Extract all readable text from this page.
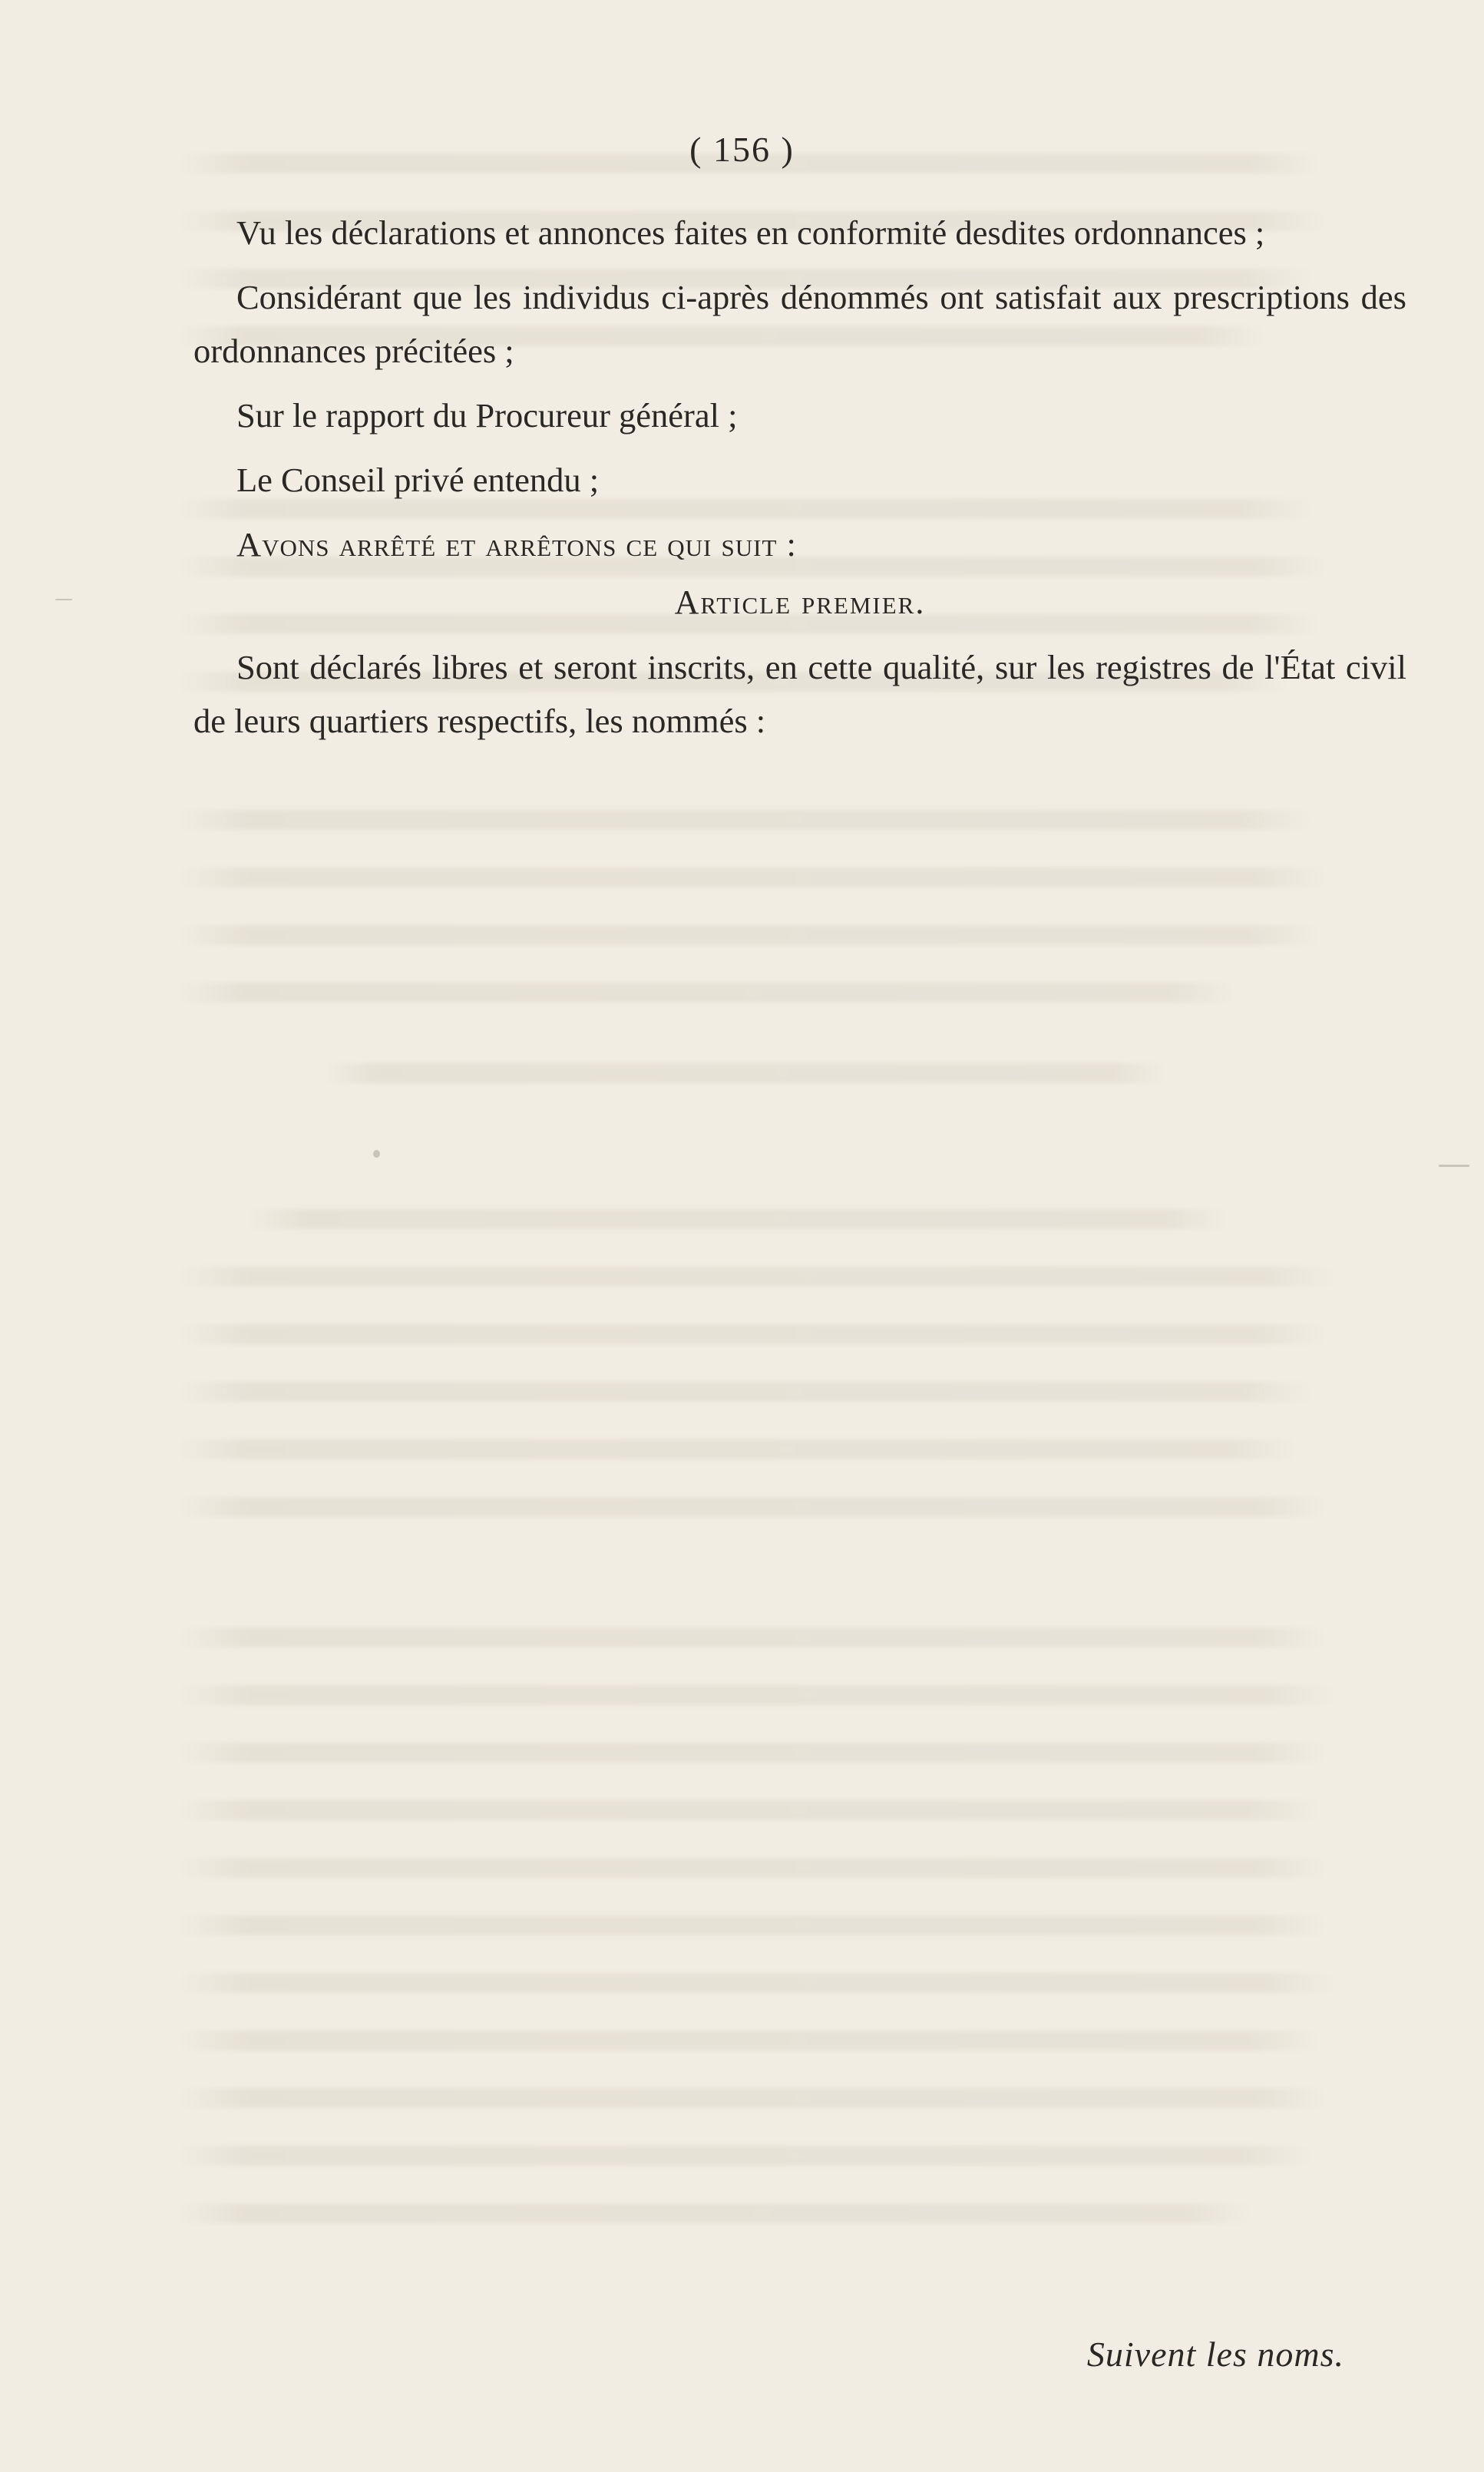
( 156 )

Vu les déclarations et annonces faites en conformité desdites ordonnances ;

Considérant que les individus ci-après dénommés ont satisfait aux prescriptions des ordonnances précitées ;

Sur le rapport du Procureur général ;

Le Conseil privé entendu ;

Avons arrêté et arrêtons ce qui suit :

Article premier.

Sont déclarés libres et seront inscrits, en cette qualité, sur les registres de l'État civil de leurs quartiers respectifs, les nommés :

Suivent les noms.
